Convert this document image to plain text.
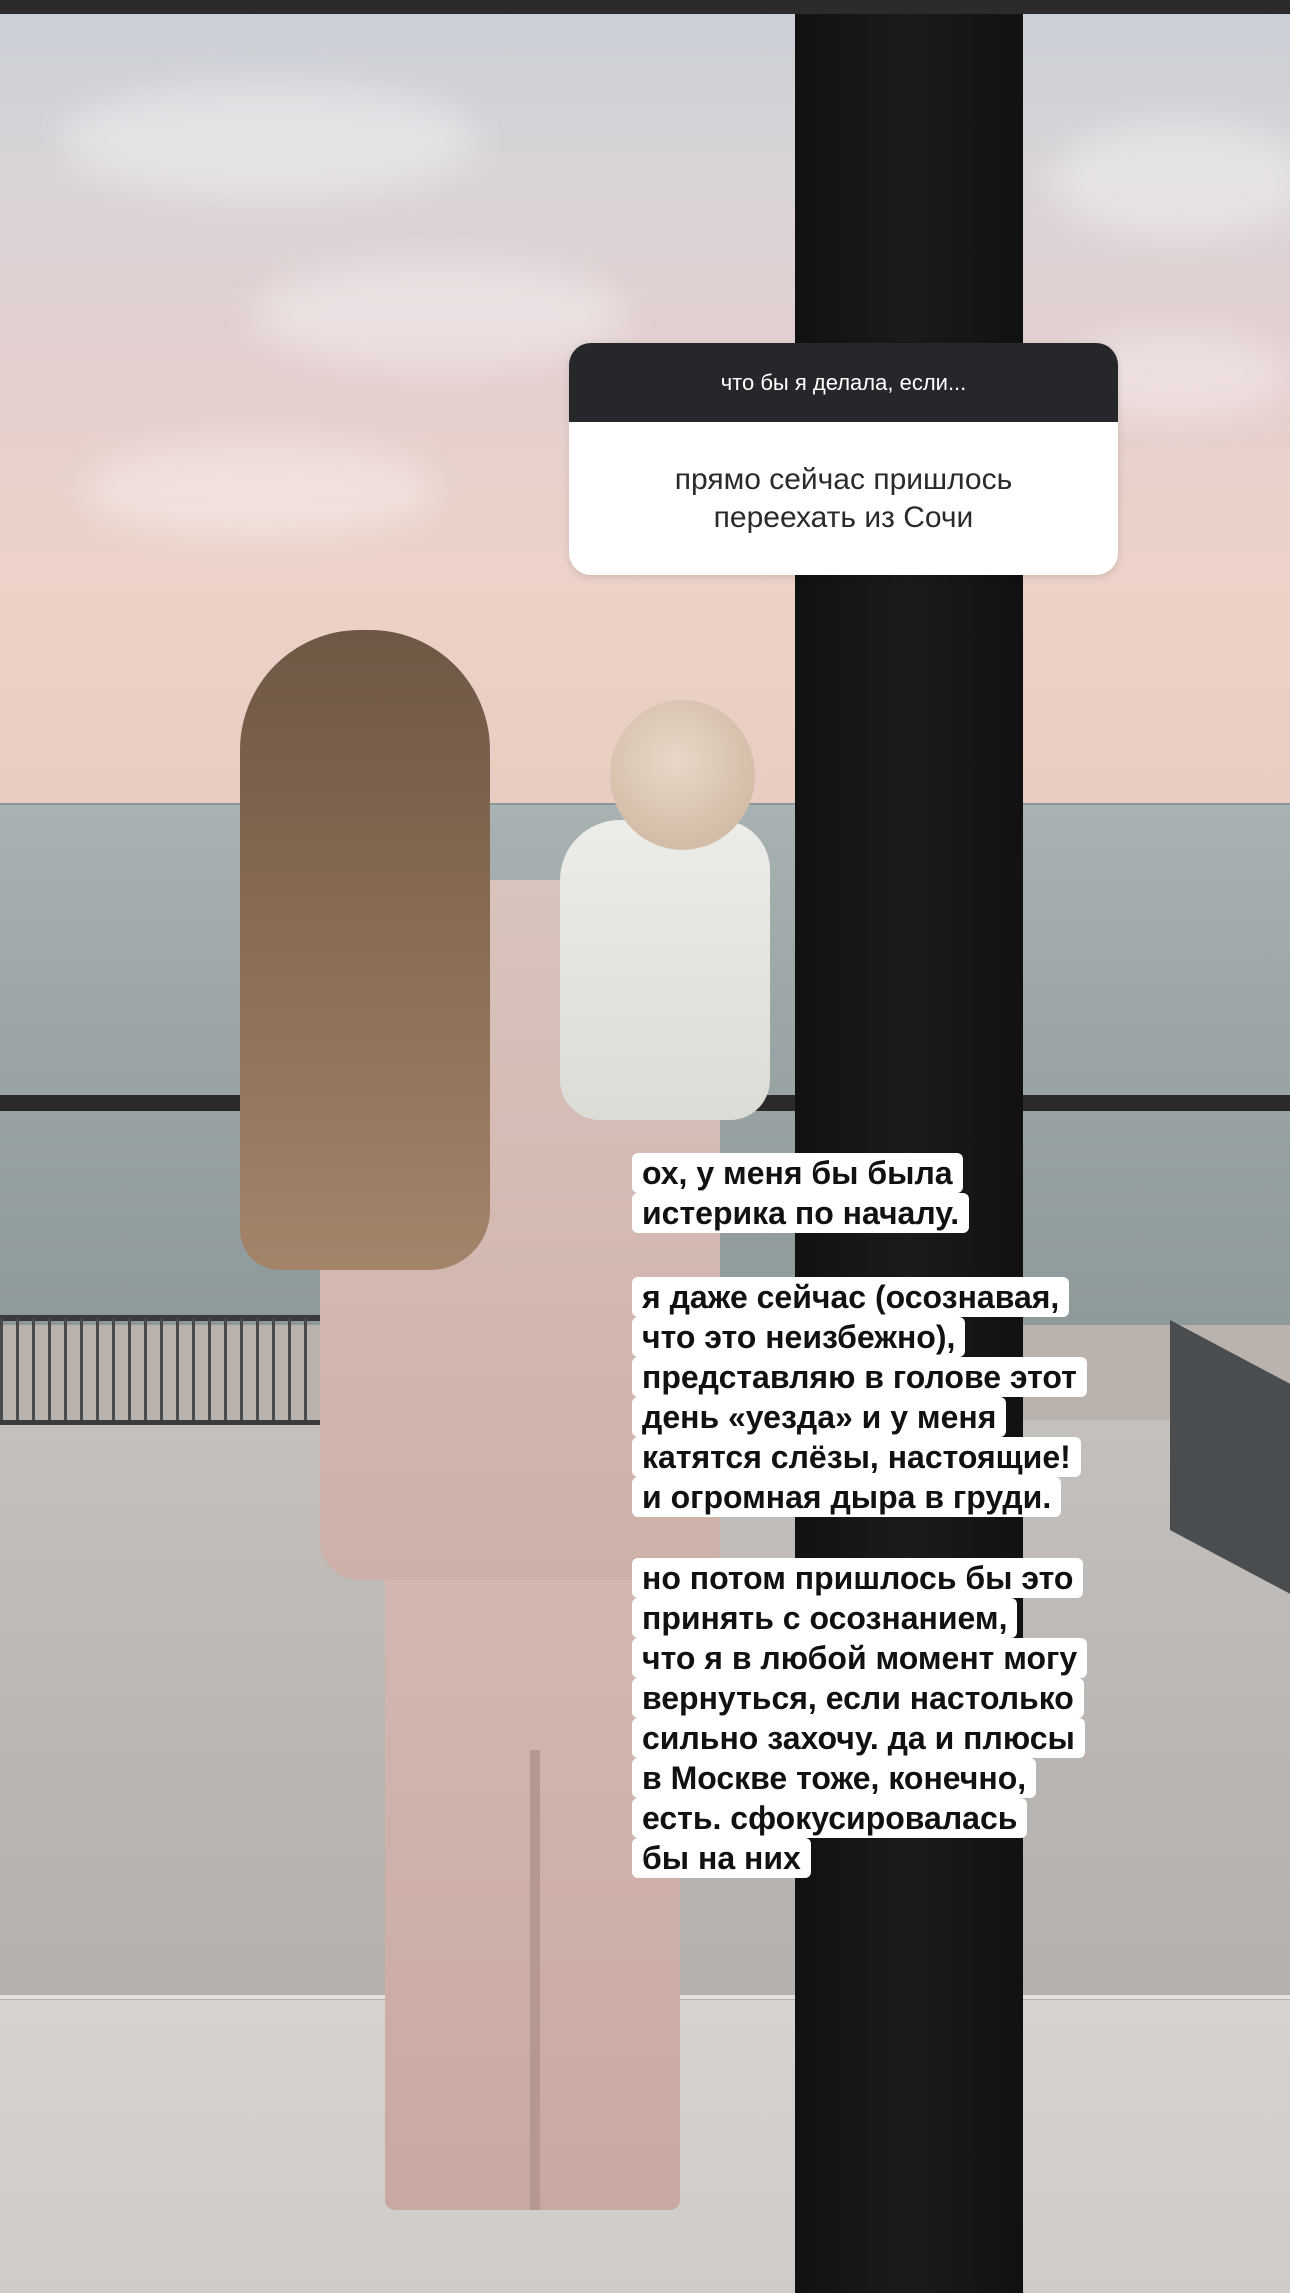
что бы я делала, если...
прямо сейчас пришлось
переехать из Сочи
ох, у меня бы была
истерика по началу.
я даже сейчас (осознавая,
что это неизбежно),
представляю в голове этот
день «уезда» и у меня
катятся слёзы, настоящие!
и огромная дыра в груди.
но потом пришлось бы это
принять с осознанием,
что я в любой момент могу
вернуться, если настолько
сильно захочу. да и плюсы
в Москве тоже, конечно,
есть. сфокусировалась
бы на них
